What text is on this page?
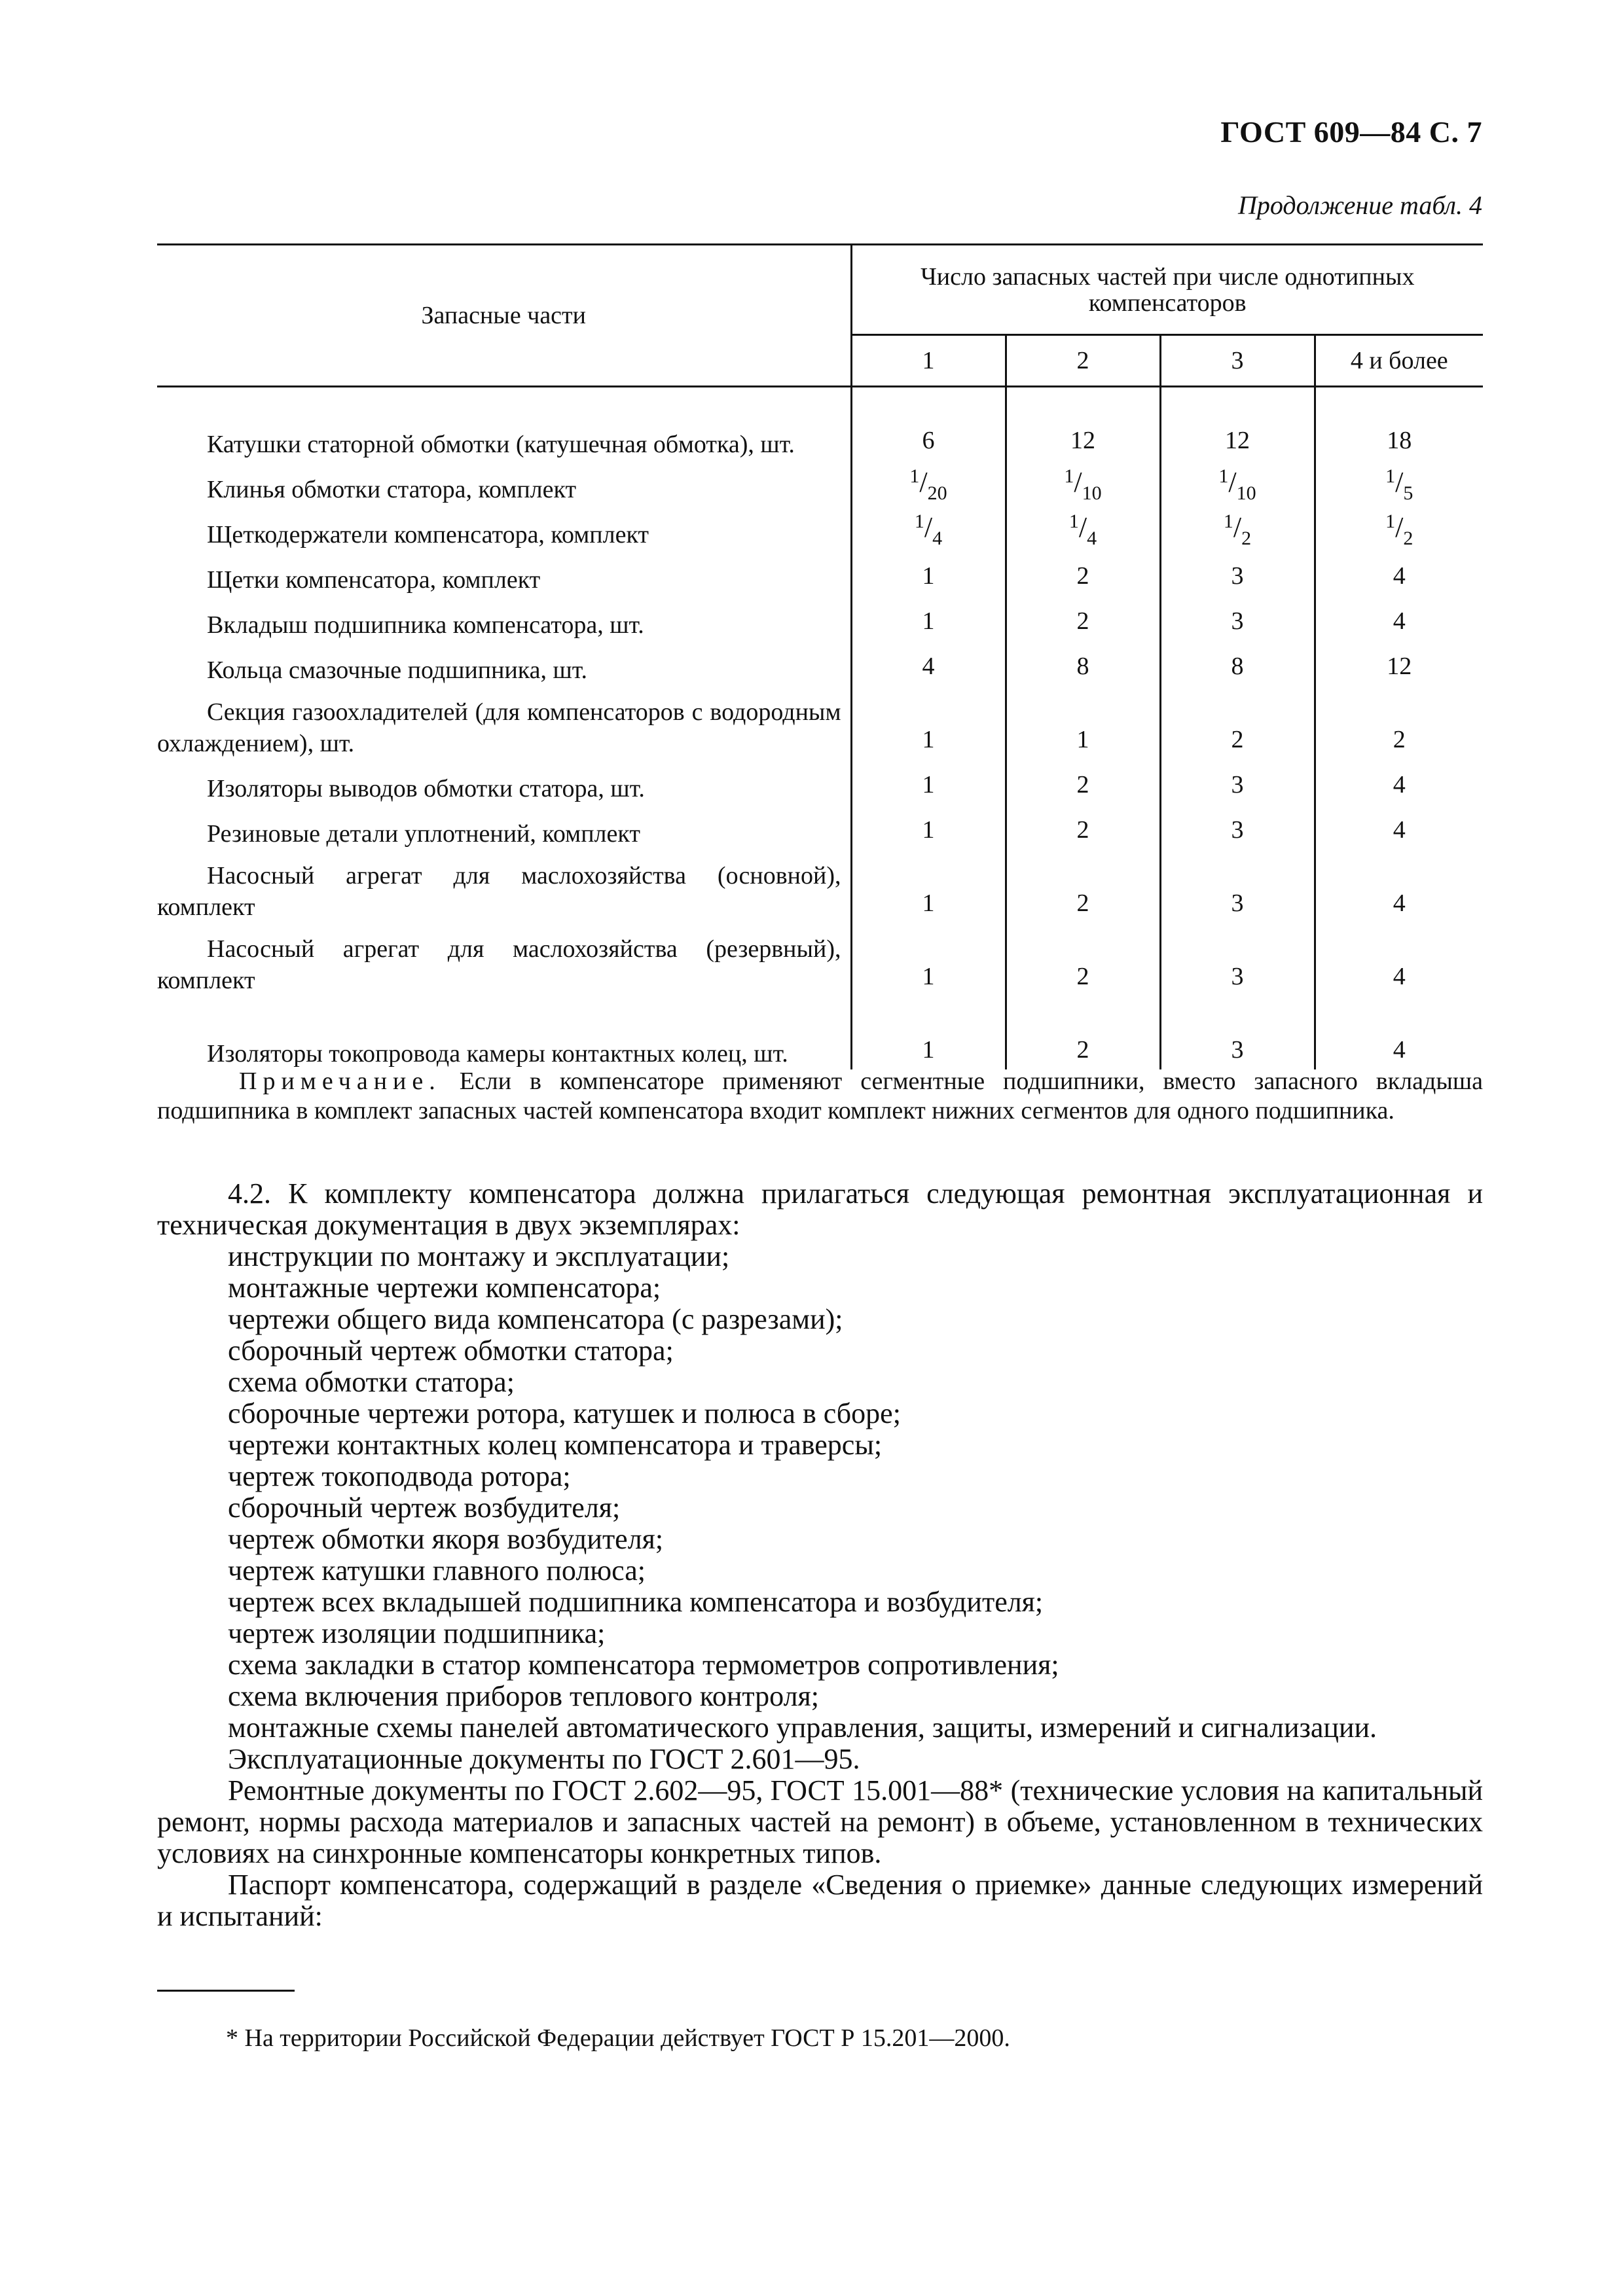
ГОСТ 609—84 С. 7
Продолжение табл. 4
Запасные части	Число запасных частей при числе однотипных компенсаторов			
	1	2	3	4 и более
Катушки статорной обмотки (катушечная обмотка), шт.	6	12	12	18
Клинья обмотки статора, комплект	$^1/_{20}$	$^1/_{10}$	$^1/_{10}$	$^1/_5$
Щеткодержатели компенсатора, комплект	$^1/_4$	$^1/_4$	$^1/_2$	$^1/_2$
Щетки компенсатора, комплект	1	2	3	4
Вкладыш подшипника компенсатора, шт.	1	2	3	4
Кольца смазочные подшипника, шт.	4	8	8	12
Секция газоохладителей (для компенсаторов с водородным охлаждением), шт.	1	1	2	2
Изоляторы выводов обмотки статора, шт.	1	2	3	4
Резиновые детали уплотнений, комплект	1	2	3	4
Насосный агрегат для маслохозяйства (основной), комплект	1	2	3	4
Насосный агрегат для маслохозяйства (резервный), комплект	1	2	3	4
Изоляторы токопровода камеры контактных колец, шт.	1	2	3	4
Примечание. Если в компенсаторе применяют сегментные подшипники, вместо запасного вкладыша подшипника в комплект запасных частей компенсатора входит комплект нижних сегментов для одного подшипника.

4.2. К комплекту компенсатора должна прилагаться следующая ремонтная эксплуатационная и техническая документация в двух экземплярах:

инструкции по монтажу и эксплуатации;

монтажные чертежи компенсатора;

чертежи общего вида компенсатора (с разрезами);

сборочный чертеж обмотки статора;

схема обмотки статора;

сборочные чертежи ротора, катушек и полюса в сборе;

чертежи контактных колец компенсатора и траверсы;

чертеж токоподвода ротора;

сборочный чертеж возбудителя;

чертеж обмотки якоря возбудителя;

чертеж катушки главного полюса;

чертеж всех вкладышей подшипника компенсатора и возбудителя;

чертеж изоляции подшипника;

схема закладки в статор компенсатора термометров сопротивления;

схема включения приборов теплового контроля;

монтажные схемы панелей автоматического управления, защиты, измерений и сигнализации.

Эксплуатационные документы по ГОСТ 2.601—95.

Ремонтные документы по ГОСТ 2.602—95, ГОСТ 15.001—88* (технические условия на капитальный ремонт, нормы расхода материалов и запасных частей на ремонт) в объеме, установленном в технических условиях на синхронные компенсаторы конкретных типов.

Паспорт компенсатора, содержащий в разделе «Сведения о приемке» данные следующих измерений и испытаний:

* На территории Российской Федерации действует ГОСТ Р 15.201—2000.
